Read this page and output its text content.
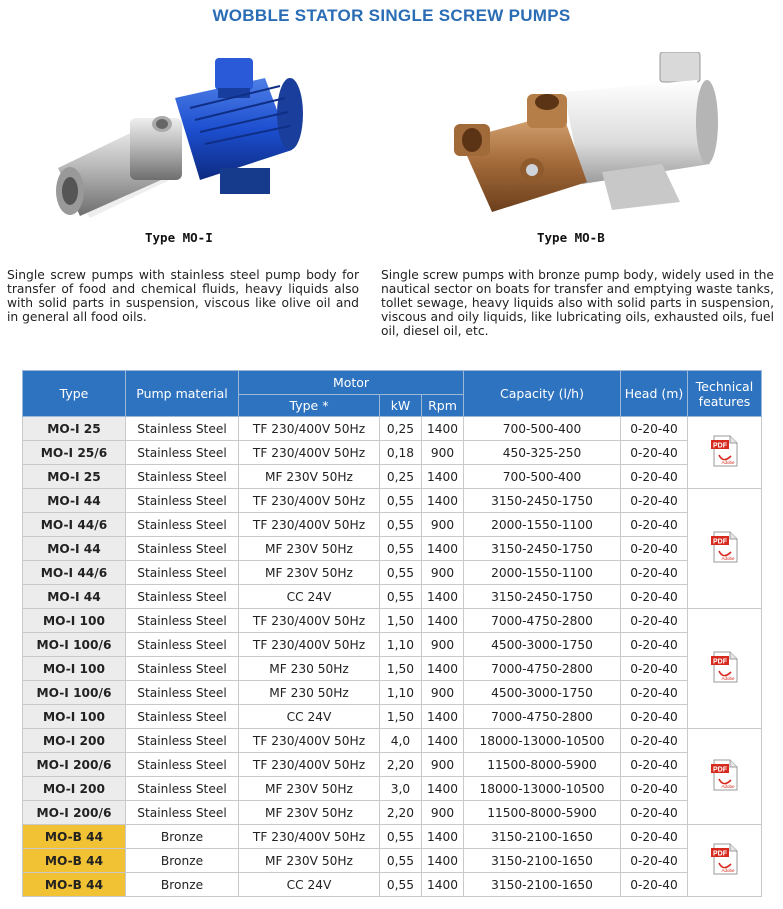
WOBBLE STATOR SINGLE SCREW PUMPS
Type MO-I	Type MO-B
Single screw pumps with stainless steel pump body for transfer of food and chemical fluids, heavy liquids also with solid parts in suspension, viscous like olive oil and in general all food oils.
Single screw pumps with bronze pump body, widely used in the nautical sector on boats for transfer and emptying waste tanks, tollet sewage, heavy liquids also with solid parts in suspension, viscous and oily liquids, like lubricating oils, exhausted oils, fuel oil, diesel oil, etc.
Type	Pump material	Motor			Capacity (l/h)	Head (m)	Technical features
		Type *	kW	Rpm			
MO-I 25	Stainless Steel	TF 230/400V 50Hz	0,25	1400	700-500-400	0-20-40	PDF
Adobe

MO-I 25/6	Stainless Steel	TF 230/400V 50Hz	0,18	900	450-325-250	0-20-40	
MO-I 25	Stainless Steel	MF 230V 50Hz	0,25	1400	700-500-400	0-20-40	
MO-I 44	Stainless Steel	TF 230/400V 50Hz	0,55	1400	3150-2450-1750	0-20-40	PDF
Adobe

MO-I 44/6	Stainless Steel	TF 230/400V 50Hz	0,55	900	2000-1550-1100	0-20-40	
MO-I 44	Stainless Steel	MF 230V 50Hz	0,55	1400	3150-2450-1750	0-20-40	
MO-I 44/6	Stainless Steel	MF 230V 50Hz	0,55	900	2000-1550-1100	0-20-40	
MO-I 44	Stainless Steel	CC 24V	0,55	1400	3150-2450-1750	0-20-40	
MO-I 100	Stainless Steel	TF 230/400V 50Hz	1,50	1400	7000-4750-2800	0-20-40	PDF
Adobe

MO-I 100/6	Stainless Steel	TF 230/400V 50Hz	1,10	900	4500-3000-1750	0-20-40	
MO-I 100	Stainless Steel	MF 230 50Hz	1,50	1400	7000-4750-2800	0-20-40	
MO-I 100/6	Stainless Steel	MF 230 50Hz	1,10	900	4500-3000-1750	0-20-40	
MO-I 100	Stainless Steel	CC 24V	1,50	1400	7000-4750-2800	0-20-40	
MO-I 200	Stainless Steel	TF 230/400V 50Hz	4,0	1400	18000-13000-10500	0-20-40	PDF
Adobe

MO-I 200/6	Stainless Steel	TF 230/400V 50Hz	2,20	900	11500-8000-5900	0-20-40	
MO-I 200	Stainless Steel	MF 230V 50Hz	3,0	1400	18000-13000-10500	0-20-40	
MO-I 200/6	Stainless Steel	MF 230V 50Hz	2,20	900	11500-8000-5900	0-20-40	
MO-B 44	Bronze	TF 230/400V 50Hz	0,55	1400	3150-2100-1650	0-20-40	PDF
Adobe

MO-B 44	Bronze	MF 230V 50Hz	0,55	1400	3150-2100-1650	0-20-40	
MO-B 44	Bronze	CC 24V	0,55	1400	3150-2100-1650	0-20-40	
